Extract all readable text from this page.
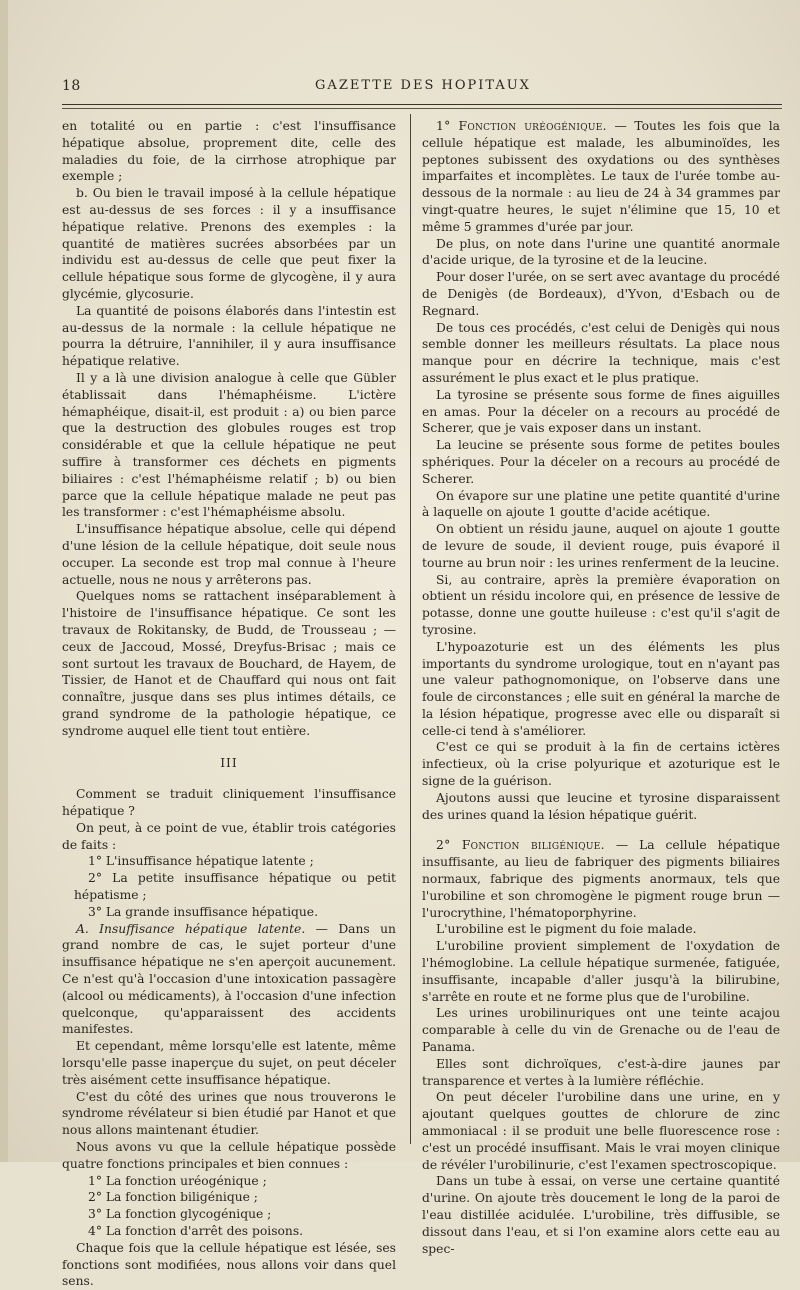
18	GAZETTE DES HOPITAUX

en totalité ou en partie : c'est l'insuffisance hépatique absolue, proprement dite, celle des maladies du foie, de la cirrhose atrophique par exemple ;

b. Ou bien le travail imposé à la cellule hépatique est au-dessus de ses forces : il y a insuffisance hépatique relative. Prenons des exemples : la quantité de matières sucrées absorbées par un individu est au-dessus de celle que peut fixer la cellule hépatique sous forme de glycogène, il y aura glycémie, glycosurie.

La quantité de poisons élaborés dans l'intestin est au-dessus de la normale : la cellule hépatique ne pourra la détruire, l'annihiler, il y aura insuffisance hépatique relative.

Il y a là une division analogue à celle que Gübler établissait dans l'hémaphéisme. L'ictère hémaphéique, disait-il, est produit : a) ou bien parce que la destruction des globules rouges est trop considérable et que la cellule hépatique ne peut suffire à transformer ces déchets en pigments biliaires : c'est l'hémaphéisme relatif ; b) ou bien parce que la cellule hépatique malade ne peut pas les transformer : c'est l'hémaphéisme absolu.

L'insuffisance hépatique absolue, celle qui dépend d'une lésion de la cellule hépatique, doit seule nous occuper. La seconde est trop mal connue à l'heure actuelle, nous ne nous y arrêterons pas.

Quelques noms se rattachent inséparablement à l'histoire de l'insuffisance hépatique. Ce sont les travaux de Rokitansky, de Budd, de Trousseau ; — ceux de Jaccoud, Mossé, Dreyfus-Brisac ; mais ce sont surtout les travaux de Bouchard, de Hayem, de Tissier, de Hanot et de Chauffard qui nous ont fait connaître, jusque dans ses plus intimes détails, ce grand syndrome de la pathologie hépatique, ce syndrome auquel elle tient tout entière.

III

Comment se traduit cliniquement l'insuffisance hépatique ?

On peut, à ce point de vue, établir trois catégories de faits :

1° L'insuffisance hépatique latente ;

2° La petite insuffisance hépatique ou petit hépatisme ;

3° La grande insuffisance hépatique.

A. Insuffisance hépatique latente. — Dans un grand nombre de cas, le sujet porteur d'une insuffisance hépatique ne s'en aperçoit aucunement. Ce n'est qu'à l'occasion d'une intoxication passagère (alcool ou médicaments), à l'occasion d'une infection quelconque, qu'apparaissent des accidents manifestes.

Et cependant, même lorsqu'elle est latente, même lorsqu'elle passe inaperçue du sujet, on peut déceler très aisément cette insuffisance hépatique.

C'est du côté des urines que nous trouverons le syndrome révélateur si bien étudié par Hanot et que nous allons maintenant étudier.

Nous avons vu que la cellule hépatique possède quatre fonctions principales et bien connues :

1° La fonction uréogénique ;

2° La fonction biligénique ;

3° La fonction glycogénique ;

4° La fonction d'arrêt des poisons.

Chaque fois que la cellule hépatique est lésée, ses fonctions sont modifiées, nous allons voir dans quel sens.

1° Fonction uréogénique. — Toutes les fois que la cellule hépatique est malade, les albuminoïdes, les peptones subissent des oxydations ou des synthèses imparfaites et incomplètes. Le taux de l'urée tombe au-dessous de la normale : au lieu de 24 à 34 grammes par vingt-quatre heures, le sujet n'élimine que 15, 10 et même 5 grammes d'urée par jour.

De plus, on note dans l'urine une quantité anormale d'acide urique, de la tyrosine et de la leucine.

Pour doser l'urée, on se sert avec avantage du procédé de Denigès (de Bordeaux), d'Yvon, d'Esbach ou de Regnard.

De tous ces procédés, c'est celui de Denigès qui nous semble donner les meilleurs résultats. La place nous manque pour en décrire la technique, mais c'est assurément le plus exact et le plus pratique.

La tyrosine se présente sous forme de fines aiguilles en amas. Pour la déceler on a recours au procédé de Scherer, que je vais exposer dans un instant.

La leucine se présente sous forme de petites boules sphériques. Pour la déceler on a recours au procédé de Scherer.

On évapore sur une platine une petite quantité d'urine à laquelle on ajoute 1 goutte d'acide acétique.

On obtient un résidu jaune, auquel on ajoute 1 goutte de levure de soude, il devient rouge, puis évaporé il tourne au brun noir : les urines renferment de la leucine.

Si, au contraire, après la première évaporation on obtient un résidu incolore qui, en présence de lessive de potasse, donne une goutte huileuse : c'est qu'il s'agit de tyrosine.

L'hypoazoturie est un des éléments les plus importants du syndrome urologique, tout en n'ayant pas une valeur pathognomonique, on l'observe dans une foule de circonstances ; elle suit en général la marche de la lésion hépatique, progresse avec elle ou disparaît si celle-ci tend à s'améliorer.

C'est ce qui se produit à la fin de certains ictères infectieux, où la crise polyurique et azoturique est le signe de la guérison.

Ajoutons aussi que leucine et tyrosine disparaissent des urines quand la lésion hépatique guérit.

2° Fonction biligénique. — La cellule hépatique insuffisante, au lieu de fabriquer des pigments biliaires normaux, fabrique des pigments anormaux, tels que l'urobiline et son chromogène le pigment rouge brun — l'urocrythine, l'hématoporphyrine.

L'urobiline est le pigment du foie malade.

L'urobiline provient simplement de l'oxydation de l'hémoglobine. La cellule hépatique surmenée, fatiguée, insuffisante, incapable d'aller jusqu'à la bilirubine, s'arrête en route et ne forme plus que de l'urobiline.

Les urines urobilinuriques ont une teinte acajou comparable à celle du vin de Grenache ou de l'eau de Panama.

Elles sont dichroïques, c'est-à-dire jaunes par transparence et vertes à la lumière réfléchie.

On peut déceler l'urobiline dans une urine, en y ajoutant quelques gouttes de chlorure de zinc ammoniacal : il se produit une belle fluorescence rose : c'est un procédé insuffisant. Mais le vrai moyen clinique de révéler l'urobilinurie, c'est l'examen spectroscopique.

Dans un tube à essai, on verse une certaine quantité d'urine. On ajoute très doucement le long de la paroi de l'eau distillée acidulée. L'urobiline, très diffusible, se dissout dans l'eau, et si l'on examine alors cette eau au spec-
